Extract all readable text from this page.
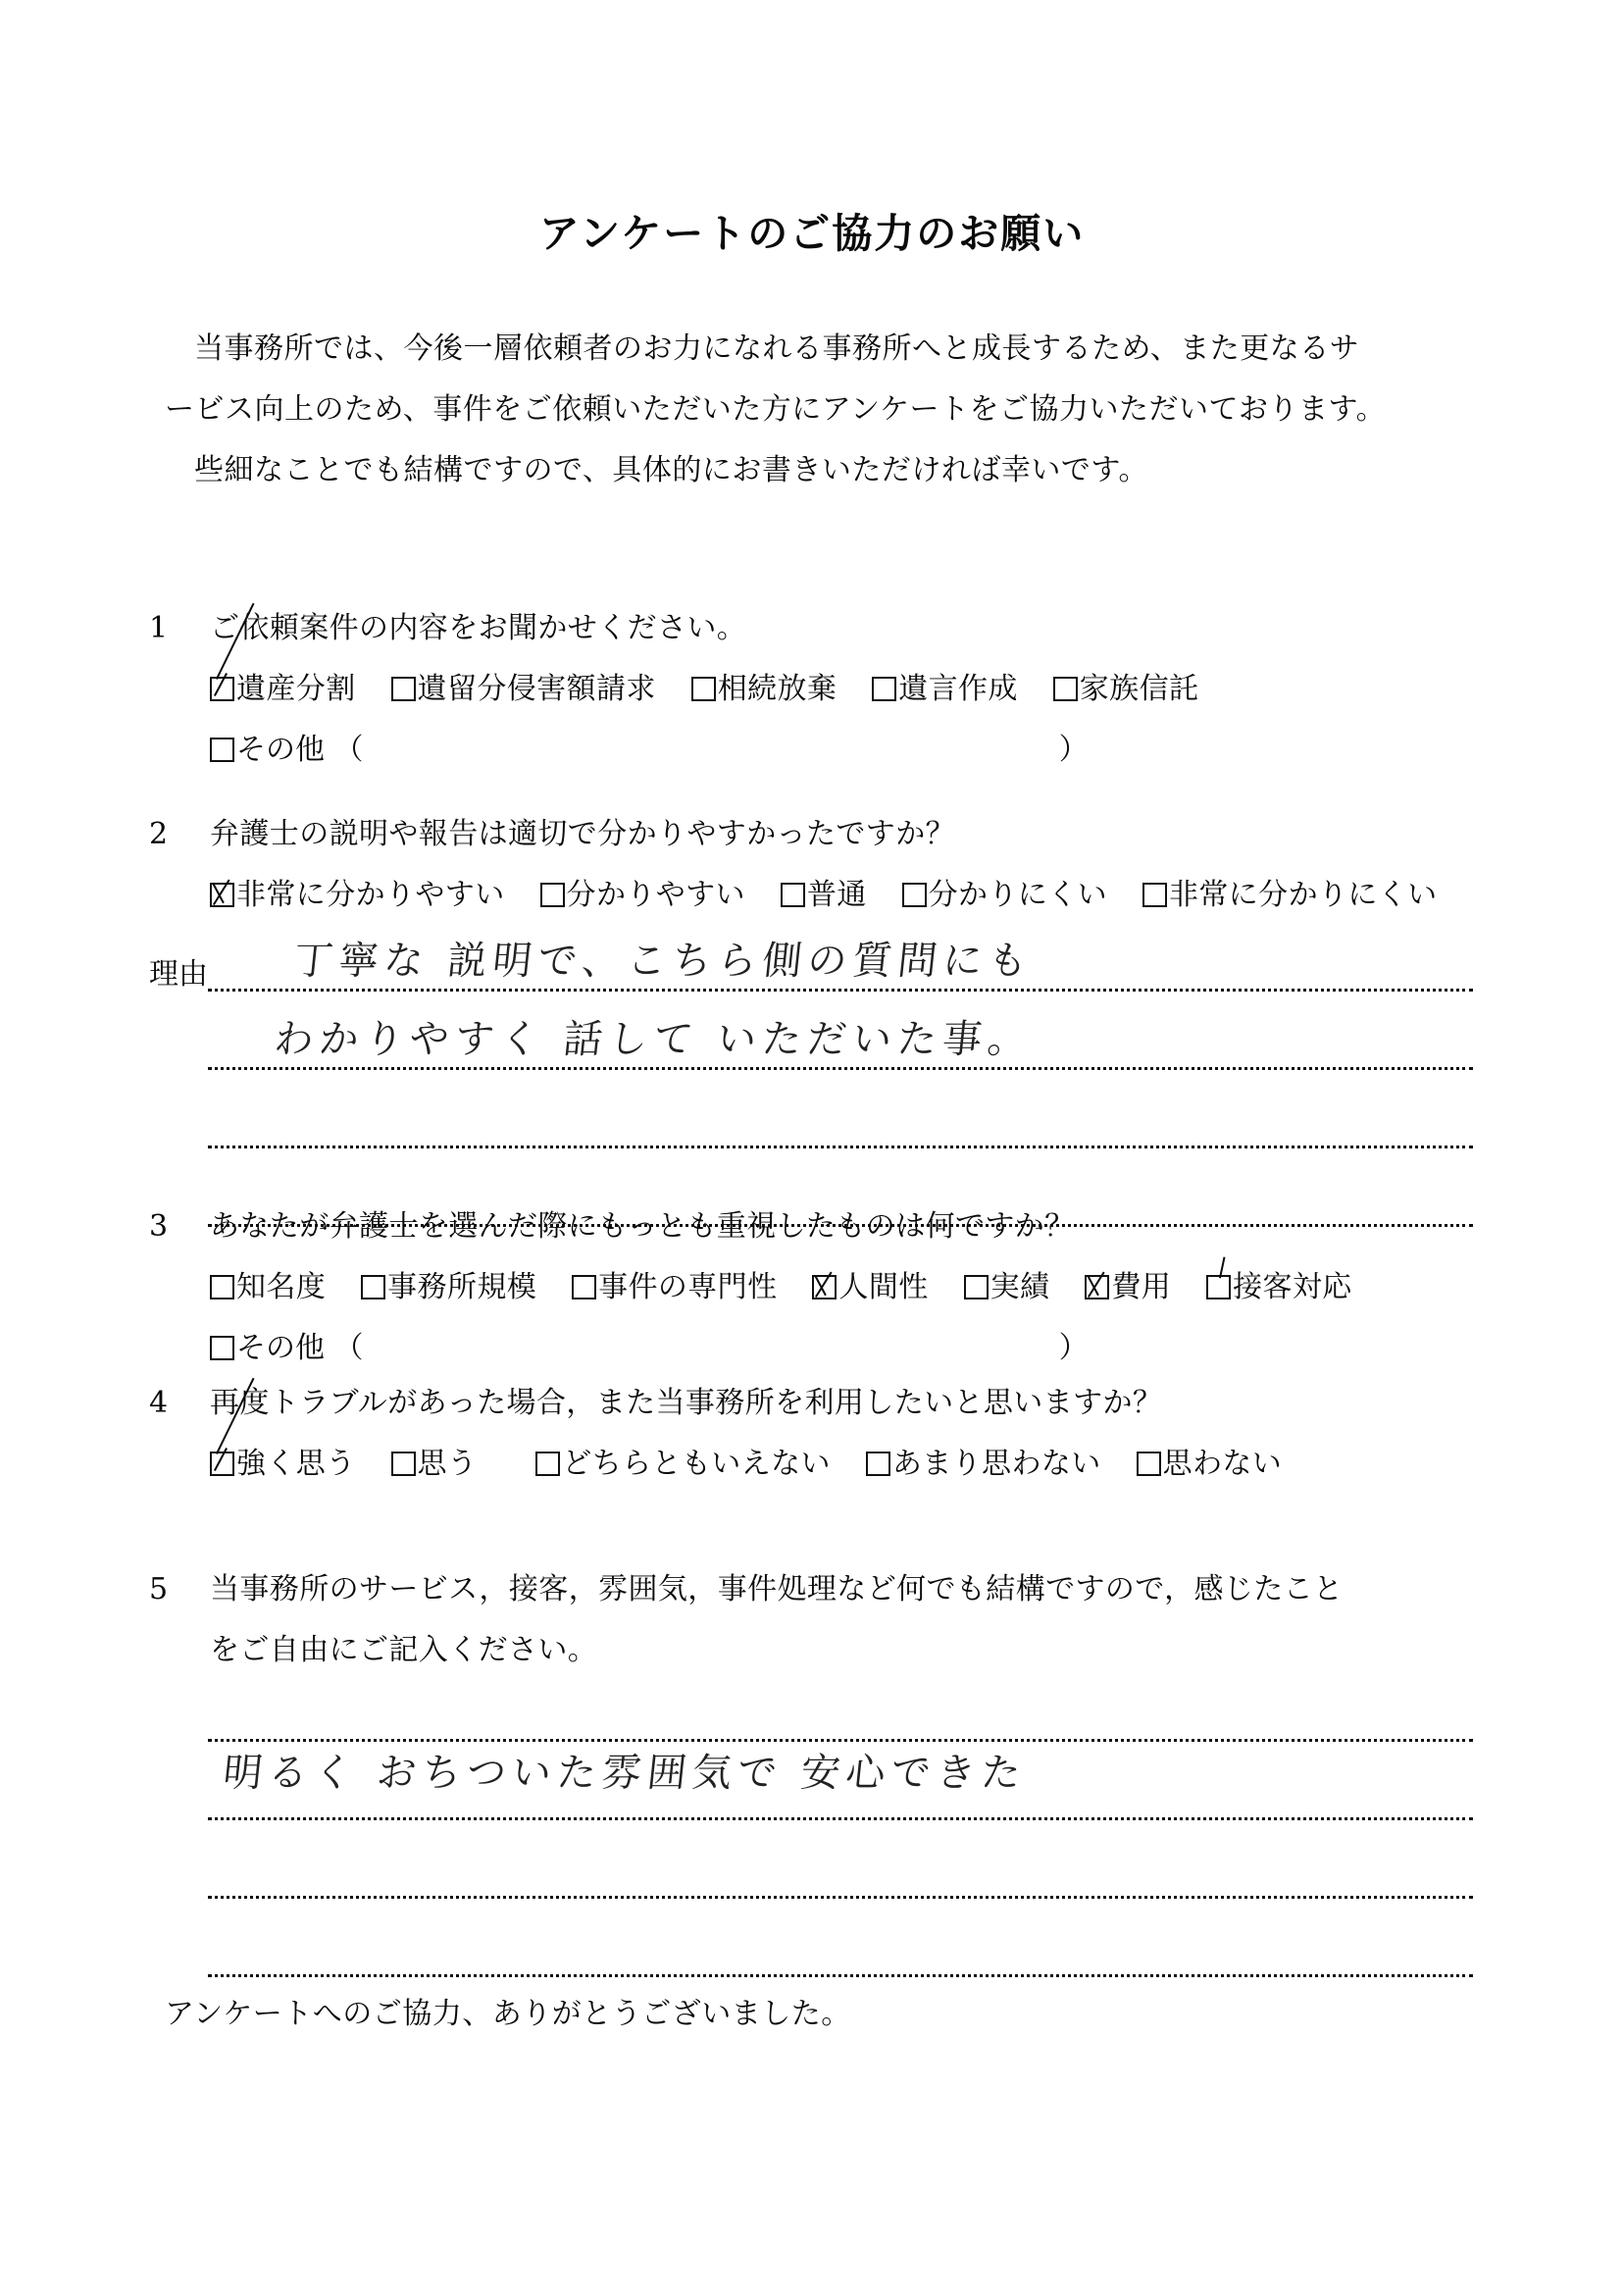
アンケートのご協力のお願い
当事務所では、今後一層依頼者のお力になれる事務所へと成長するため、また更なるサ
ービス向上のため、事件をご依頼いただいた方にアンケートをご協力いただいております。
些細なことでも結構ですので、具体的にお書きいただければ幸いです。
1	ご依頼案件の内容をお聞かせください。
遺産分割 遺留分侵害額請求 相続放棄 遺言作成 家族信託
その他 （	）
2	弁護士の説明や報告は適切で分かりやすかったですか？
非常に分かりやすい 分かりやすい 普通 分かりにくい 非常に分かりにくい
理由 丁寧な 説明で、こちら側の質問にも
わかりやすく 話して いただいた事。
3	あなたが弁護士を選んだ際にもっとも重視したものは何ですか？
知名度 事務所規模 事件の専門性 人間性 実績 費用 接客対応
その他 （	）
4	再度トラブルがあった場合，また当事務所を利用したいと思いますか？
強く思う 思う	どちらともいえない あまり思わない 思わない
5	当事務所のサービス，接客，雰囲気，事件処理など何でも結構ですので，感じたこと
をご自由にご記入ください。
明るく おちついた雰囲気で 安心できた
アンケートへのご協力、ありがとうございました。
